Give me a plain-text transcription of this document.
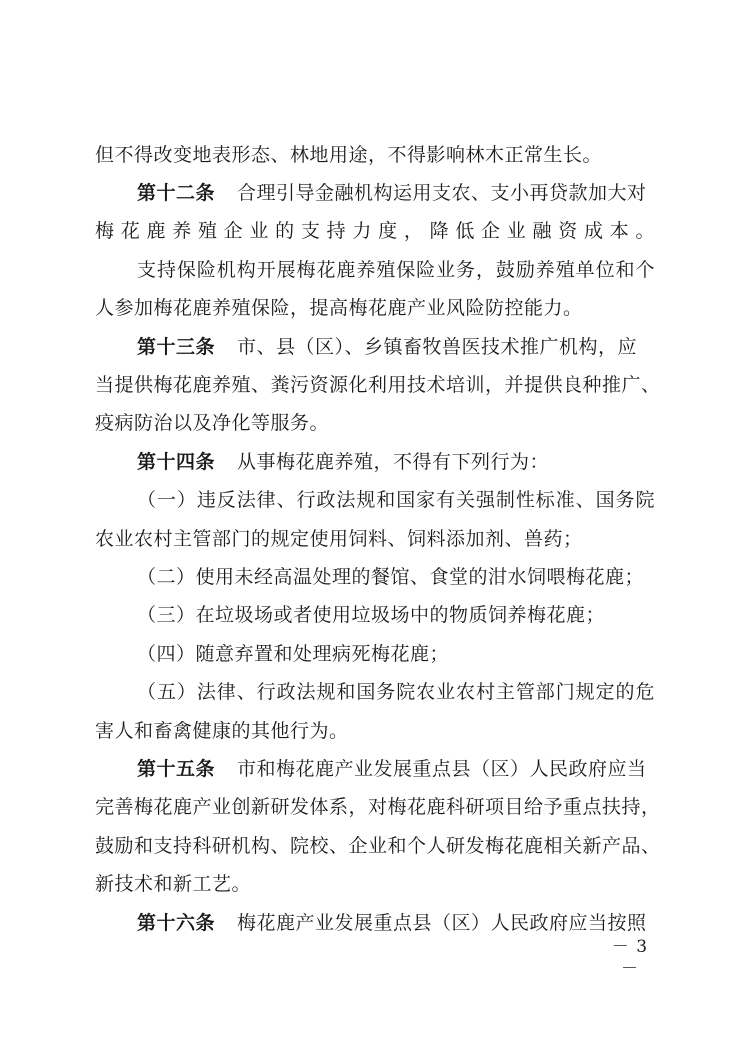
但不得改变地表形态、林地用途，不得影响林木正常生长。
第十二条 合理引导金融机构运用支农、支小再贷款加大对
梅花鹿养殖企业的支持力度，降低企业融资成本。
支持保险机构开展梅花鹿养殖保险业务，鼓励养殖单位和个
人参加梅花鹿养殖保险，提高梅花鹿产业风险防控能力。
第十三条 市、县（区）、乡镇畜牧兽医技术推广机构，应
当提供梅花鹿养殖、粪污资源化利用技术培训，并提供良种推广、
疫病防治以及净化等服务。
第十四条 从事梅花鹿养殖，不得有下列行为：
（一）违反法律、行政法规和国家有关强制性标准、国务院
农业农村主管部门的规定使用饲料、饲料添加剂、兽药；
（二）使用未经高温处理的餐馆、食堂的泔水饲喂梅花鹿；
（三）在垃圾场或者使用垃圾场中的物质饲养梅花鹿；
（四）随意弃置和处理病死梅花鹿；
（五）法律、行政法规和国务院农业农村主管部门规定的危
害人和畜禽健康的其他行为。
第十五条 市和梅花鹿产业发展重点县（区）人民政府应当
完善梅花鹿产业创新研发体系，对梅花鹿科研项目给予重点扶持，
鼓励和支持科研机构、院校、企业和个人研发梅花鹿相关新产品、
新技术和新工艺。
第十六条 梅花鹿产业发展重点县（区）人民政府应当按照
－ 3 －
